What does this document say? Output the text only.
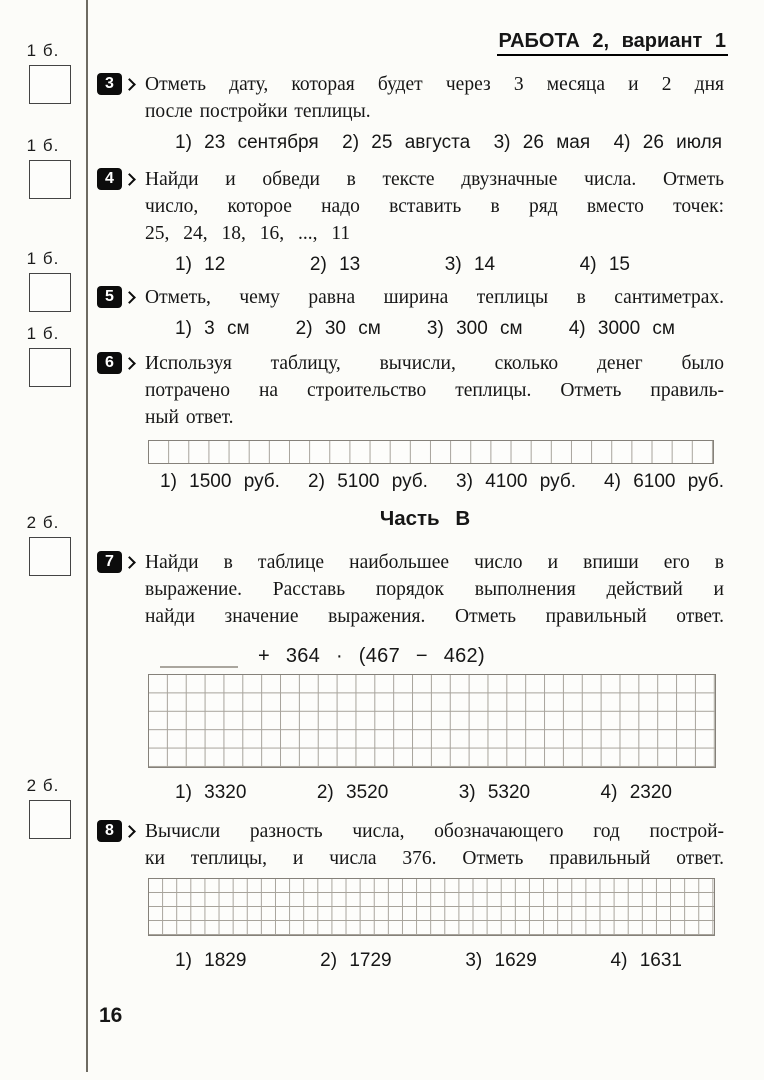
1 б.
1 б.
1 б.
1 б.
2 б.
2 б.
РАБОТА 2, вариант 1
3	Отметь дату, которая будет через 3 месяца и 2 дня
после постройки теплицы.
1) 23 сентября 2) 25 августа 3) 26 мая 4) 26 июля
4	Найди и обведи в тексте двузначные числа. Отметь
число, которое надо вставить в ряд вместо точек:
25, 24, 18, 16, ..., 11
1) 12	2) 13	3) 14	4) 15
5	Отметь, чему равна ширина теплицы в сантиметрах.
1) 3 см 2) 30 см 3) 300 см 4) 3000 см
6	Используя таблицу, вычисли, сколько денег было
потрачено на строительство теплицы. Отметь правиль-
ный ответ.
1) 1500 руб. 2) 5100 руб. 3) 4100 руб. 4) 6100 руб.
Часть В
7	Найди в таблице наибольшее число и впиши его в
выражение. Расставь порядок выполнения действий и
найди значение выражения. Отметь правильный ответ.
+ 364 · (467 − 462)
1) 3320	2) 3520	3) 5320	4) 2320
8	Вычисли разность числа, обозначающего год построй-
ки теплицы, и числа 376. Отметь правильный ответ.
1) 1829	2) 1729	3) 1629	4) 1631
16
